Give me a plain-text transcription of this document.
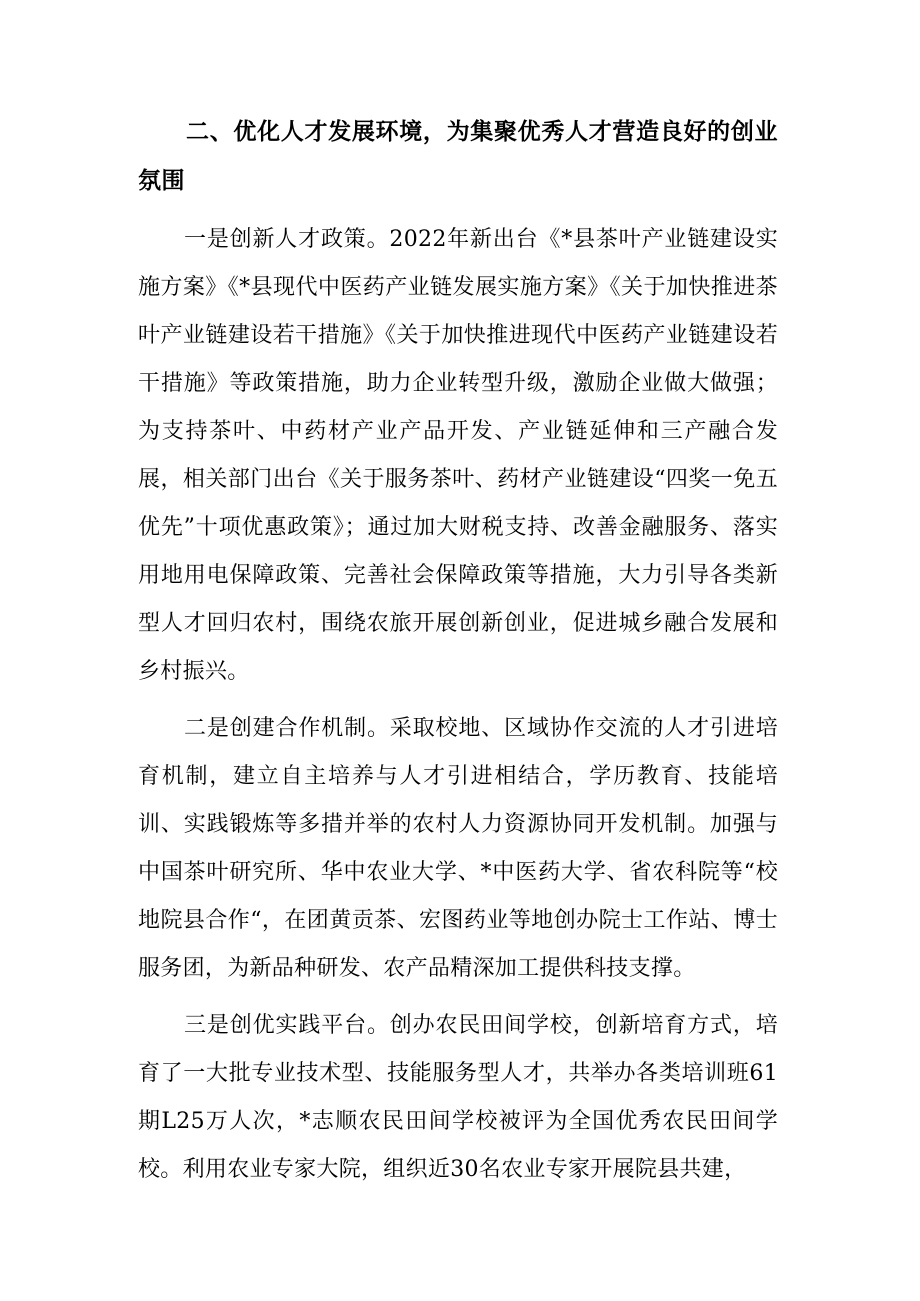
二、优化人才发展环境，为集聚优秀人才营造良好的创业氛围

一是创新人才政策。2022年新出台《*县茶叶产业链建设实施方案》《*县现代中医药产业链发展实施方案》《关于加快推进茶叶产业链建设若干措施》《关于加快推进现代中医药产业链建设若干措施》等政策措施，助力企业转型升级，激励企业做大做强；为支持茶叶、中药材产业产品开发、产业链延伸和三产融合发展，相关部门出台《关于服务茶叶、药材产业链建设“四奖一免五优先”十项优惠政策》；通过加大财税支持、改善金融服务、落实用地用电保障政策、完善社会保障政策等措施，大力引导各类新型人才回归农村，围绕农旅开展创新创业，促进城乡融合发展和乡村振兴。

二是创建合作机制。采取校地、区域协作交流的人才引进培育机制，建立自主培养与人才引进相结合，学历教育、技能培训、实践锻炼等多措并举的农村人力资源协同开发机制。加强与中国茶叶研究所、华中农业大学、*中医药大学、省农科院等“校地院县合作“，在团黄贡茶、宏图药业等地创办院士工作站、博士服务团，为新品种研发、农产品精深加工提供科技支撑。

三是创优实践平台。创办农民田间学校，创新培育方式，培育了一大批专业技术型、技能服务型人才，共举办各类培训班61期L25万人次，*志顺农民田间学校被评为全国优秀农民田间学校。利用农业专家大院，组织近30名农业专家开展院县共建，
